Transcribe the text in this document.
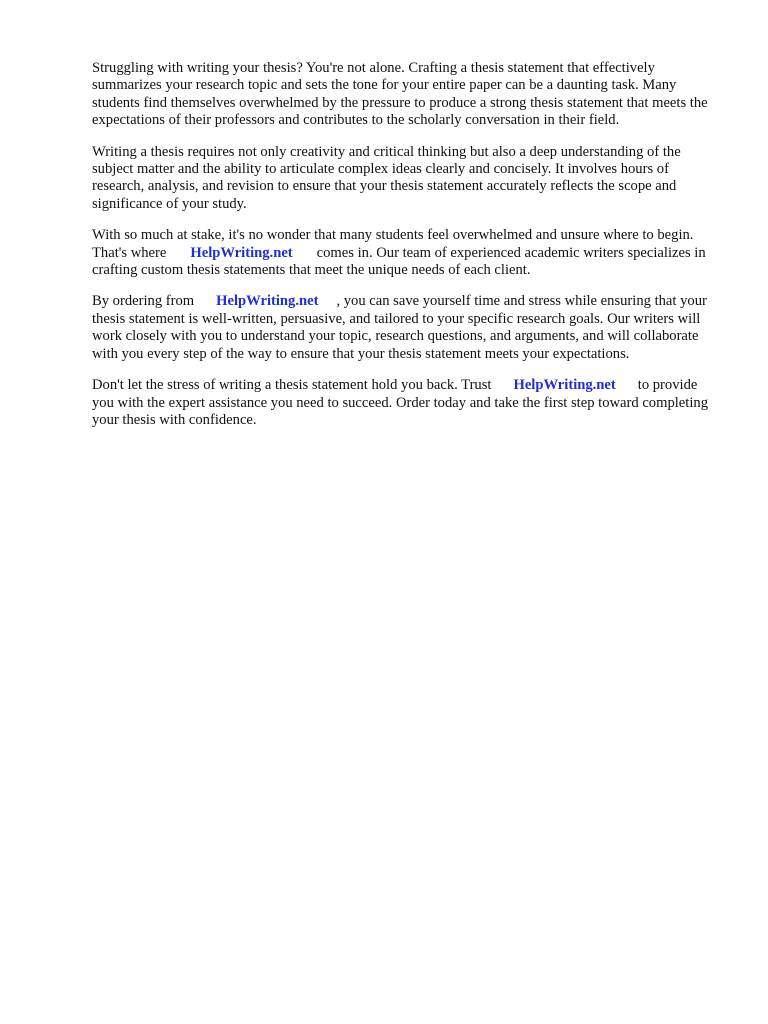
Struggling with writing your thesis? You're not alone. Crafting a thesis statement that effectively summarizes your research topic and sets the tone for your entire paper can be a daunting task. Many students find themselves overwhelmed by the pressure to produce a strong thesis statement that meets the expectations of their professors and contributes to the scholarly conversation in their field.

Writing a thesis requires not only creativity and critical thinking but also a deep understanding of the subject matter and the ability to articulate complex ideas clearly and concisely. It involves hours of research, analysis, and revision to ensure that your thesis statement accurately reflects the scope and significance of your study.

With so much at stake, it's no wonder that many students feel overwhelmed and unsure where to begin. That's where HelpWriting.net comes in. Our team of experienced academic writers specializes in crafting custom thesis statements that meet the unique needs of each client.

By ordering from HelpWriting.net , you can save yourself time and stress while ensuring that your thesis statement is well-written, persuasive, and tailored to your specific research goals. Our writers will work closely with you to understand your topic, research questions, and arguments, and will collaborate with you every step of the way to ensure that your thesis statement meets your expectations.

Don't let the stress of writing a thesis statement hold you back. Trust HelpWriting.net to provide you with the expert assistance you need to succeed. Order today and take the first step toward completing your thesis with confidence.
